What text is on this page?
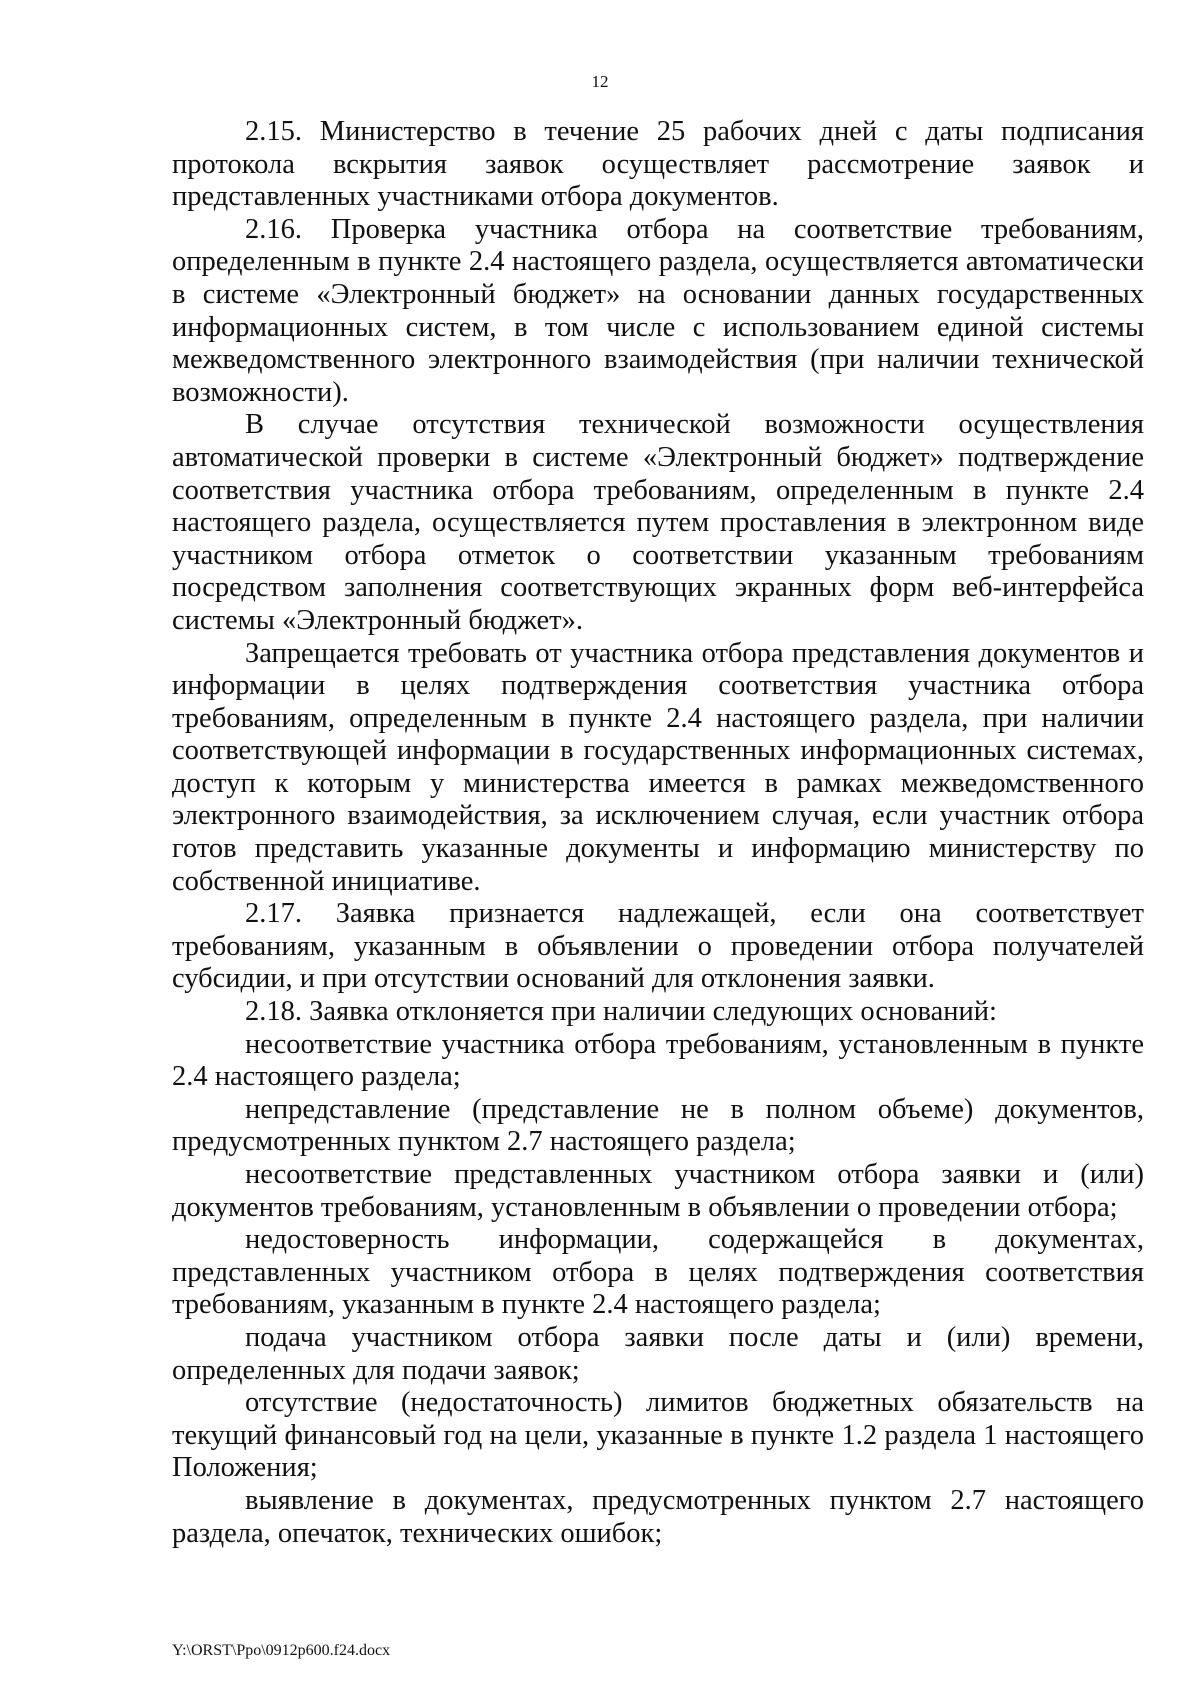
12

2.15. Министерство в течение 25 рабочих дней с даты подписания протокола вскрытия заявок осуществляет рассмотрение заявок и представленных участниками отбора документов.

2.16. Проверка участника отбора на соответствие требованиям, определенным в пункте 2.4 настоящего раздела, осуществляется автоматически в системе «Электронный бюджет» на основании данных государственных информационных систем, в том числе с использованием единой системы межведомственного электронного взаимодействия (при наличии технической возможности).

В случае отсутствия технической возможности осуществления автоматической проверки в системе «Электронный бюджет» подтверждение соответствия участника отбора требованиям, определенным в пункте 2.4 настоящего раздела, осуществляется путем проставления в электронном виде участником отбора отметок о соответствии указанным требованиям посредством заполнения соответствующих экранных форм веб-интерфейса системы «Электронный бюджет».

Запрещается требовать от участника отбора представления документов и информации в целях подтверждения соответствия участника отбора требованиям, определенным в пункте 2.4 настоящего раздела, при наличии соответствующей информации в государственных информационных системах, доступ к которым у министерства имеется в рамках межведомственного электронного взаимодействия, за исключением случая, если участник отбора готов представить указанные документы и информацию министерству по собственной инициативе.

2.17. Заявка признается надлежащей, если она соответствует требованиям, указанным в объявлении о проведении отбора получателей субсидии, и при отсутствии оснований для отклонения заявки.

2.18. Заявка отклоняется при наличии следующих оснований:

несоответствие участника отбора требованиям, установленным в пункте 2.4 настоящего раздела;

непредставление (представление не в полном объеме) документов, предусмотренных пунктом 2.7 настоящего раздела;

несоответствие представленных участником отбора заявки и (или) документов требованиям, установленным в объявлении о проведении отбора;

недостоверность информации, содержащейся в документах, представленных участником отбора в целях подтверждения соответствия требованиям, указанным в пункте 2.4 настоящего раздела;

подача участником отбора заявки после даты и (или) времени, определенных для подачи заявок;

отсутствие (недостаточность) лимитов бюджетных обязательств на текущий финансовый год на цели, указанные в пункте 1.2 раздела 1 настоящего Положения;

выявление в документах, предусмотренных пунктом 2.7 настоящего раздела, опечаток, технических ошибок;

Y:\ORST\Ppo\0912p600.f24.docx
